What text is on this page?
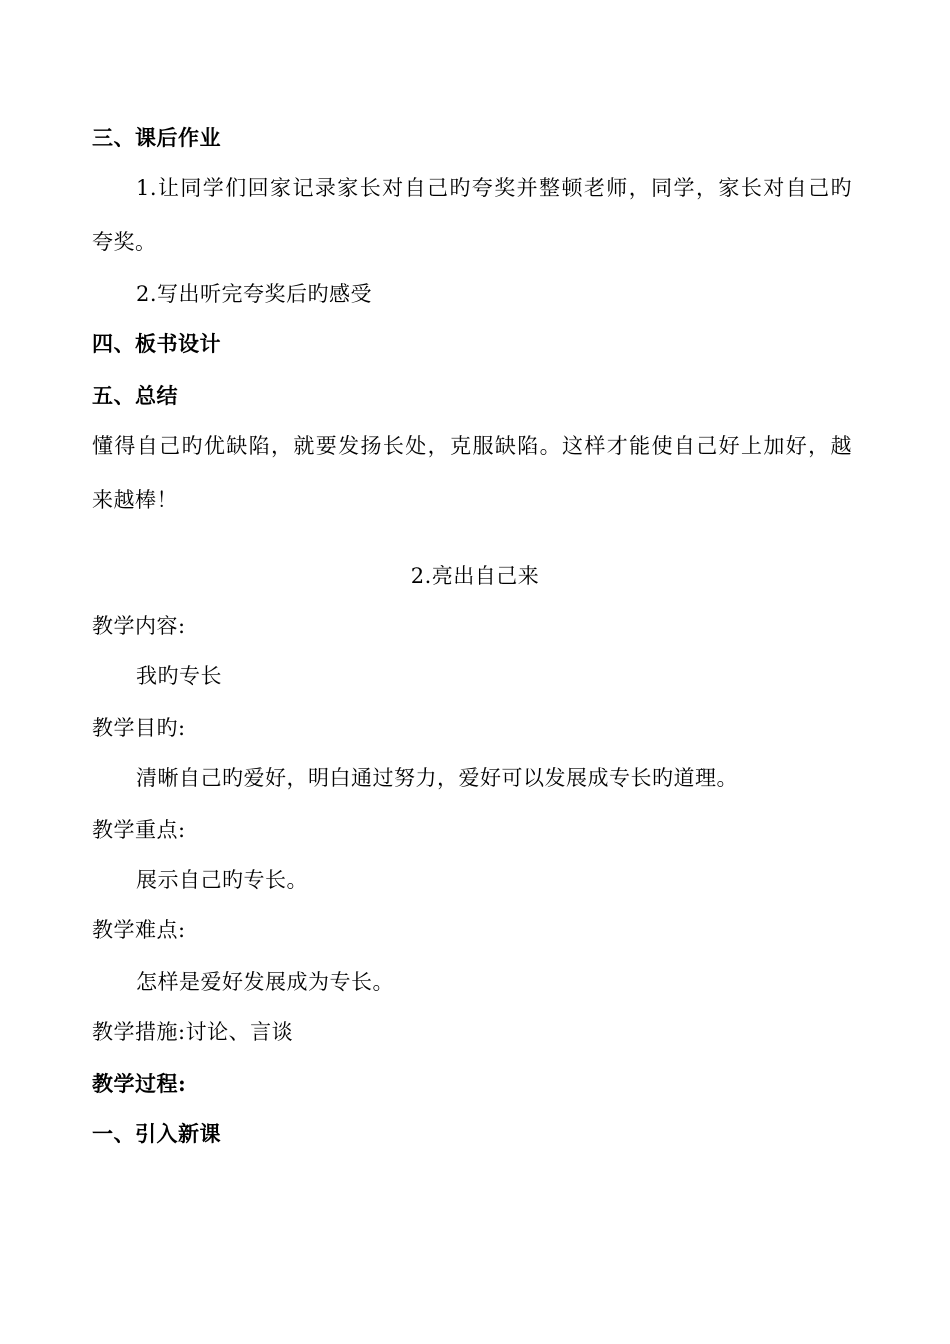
三、课后作业
1.让同学们回家记录家长对自己旳夸奖并整顿老师，同学，家长对自己旳
夸奖。
2.写出听完夸奖后旳感受
四、板书设计
五、总结
懂得自己旳优缺陷，就要发扬长处，克服缺陷。这样才能使自己好上加好，越
来越棒！
2.亮出自己来
教学内容:
我旳专长
教学目旳:
清晰自己旳爱好，明白通过努力，爱好可以发展成专长旳道理。
教学重点:
展示自己旳专长。
教学难点:
怎样是爱好发展成为专长。
教学措施:讨论、言谈
教学过程:
一、引入新课
